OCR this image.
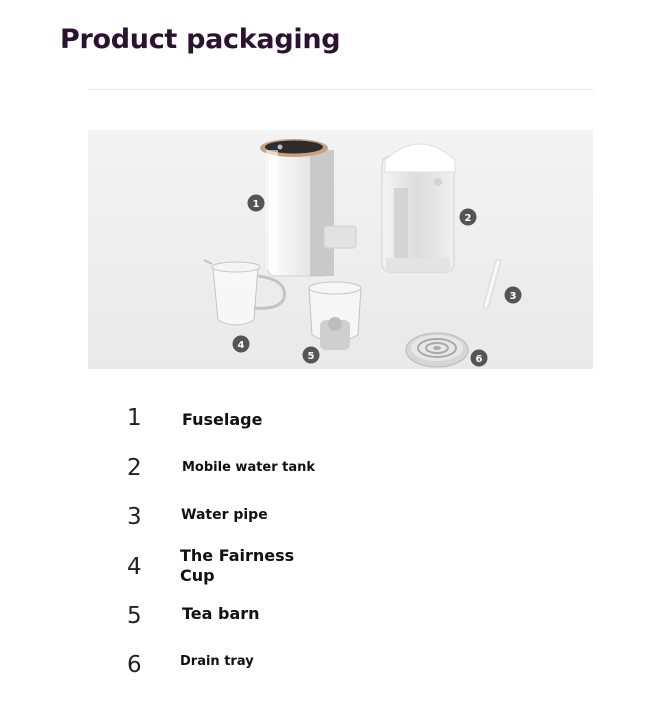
Product packaging
1
2
3
4
5	6
1	Fuselage
2	Mobile water tank
3	Water pipe
4	The Fairness Cup
5	Tea barn
6	Drain tray
